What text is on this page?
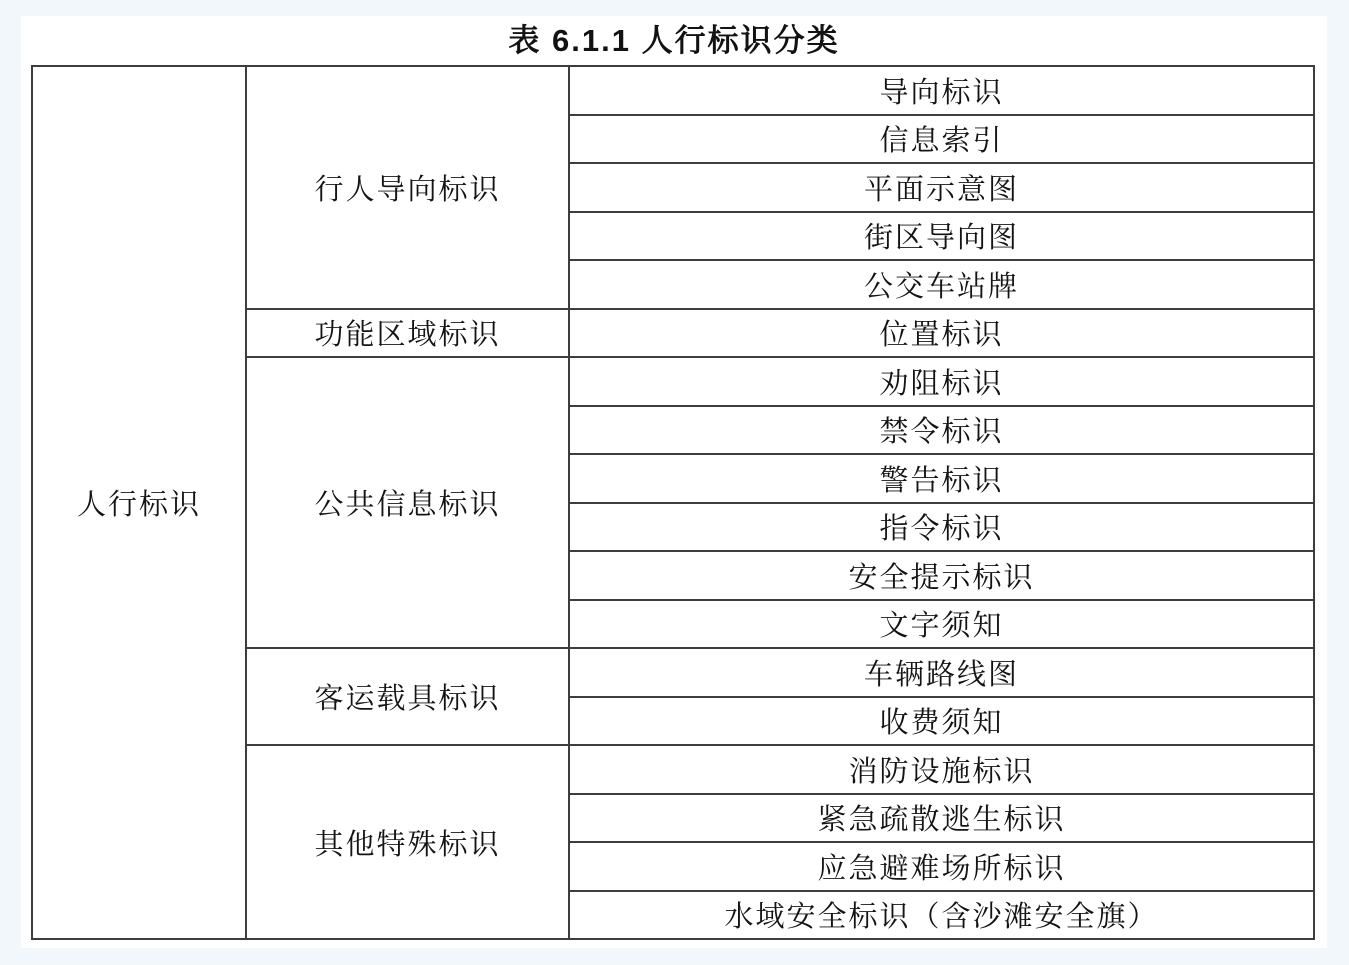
表 6.1.1 人行标识分类
人行标识	行人导向标识	导向标识
		信息索引
		平面示意图
		街区导向图
		公交车站牌
	功能区域标识	位置标识
	公共信息标识	劝阻标识
		禁令标识
		警告标识
		指令标识
		安全提示标识
		文字须知
	客运载具标识	车辆路线图
		收费须知
	其他特殊标识	消防设施标识
		紧急疏散逃生标识
		应急避难场所标识
		水域安全标识（含沙滩安全旗）
